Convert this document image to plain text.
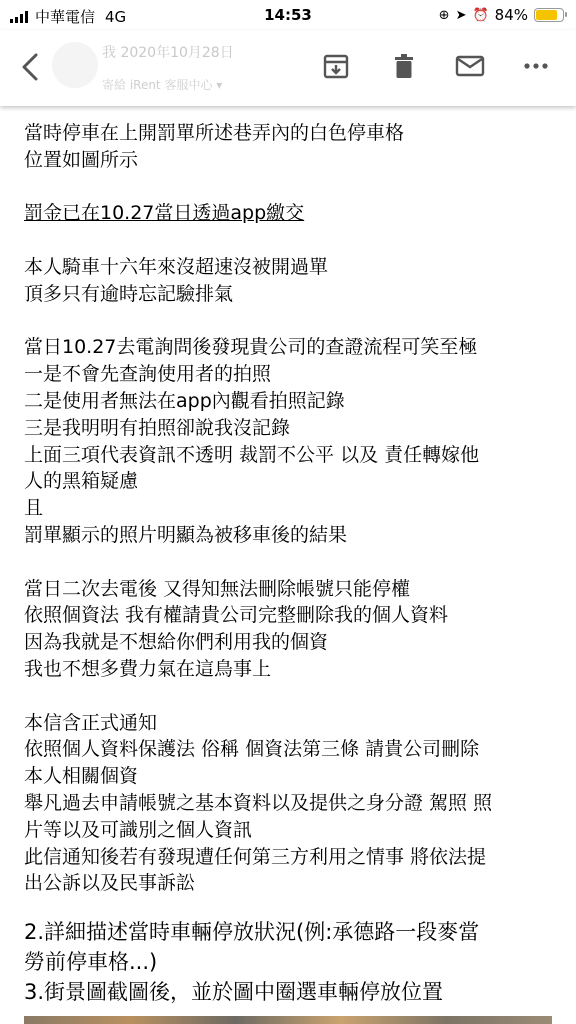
中華電信 4G	14:53	⊕ ➤ ⏰ 84%
我 2020年10月28日
寄給 iRent 客服中心 ▾
當時停車在上開罰單所述巷弄內的白色停車格
位置如圖所示
罰金已在10.27當日透過app繳交
本人騎車十六年來沒超速沒被開過單
頂多只有逾時忘記驗排氣
當日10.27去電詢問後發現貴公司的查證流程可笑至極
一是不會先查詢使用者的拍照
二是使用者無法在app內觀看拍照記錄
三是我明明有拍照卻說我沒記錄
上面三項代表資訊不透明 裁罰不公平 以及 責任轉嫁他
人的黑箱疑慮
且
罰單顯示的照片明顯為被移車後的結果
當日二次去電後 又得知無法刪除帳號只能停權
依照個資法 我有權請貴公司完整刪除我的個人資料
因為我就是不想給你們利用我的個資
我也不想多費力氣在這鳥事上
本信含正式通知
依照個人資料保護法 俗稱 個資法第三條 請貴公司刪除
本人相關個資
舉凡過去申請帳號之基本資料以及提供之身分證 駕照 照
片等以及可識別之個人資訊
此信通知後若有發現遭任何第三方利用之情事 將依法提
出公訴以及民事訴訟
2.詳細描述當時車輛停放狀況(例:承德路一段麥當
勞前停車格...)
3.街景圖截圖後，並於圖中圈選車輛停放位置
